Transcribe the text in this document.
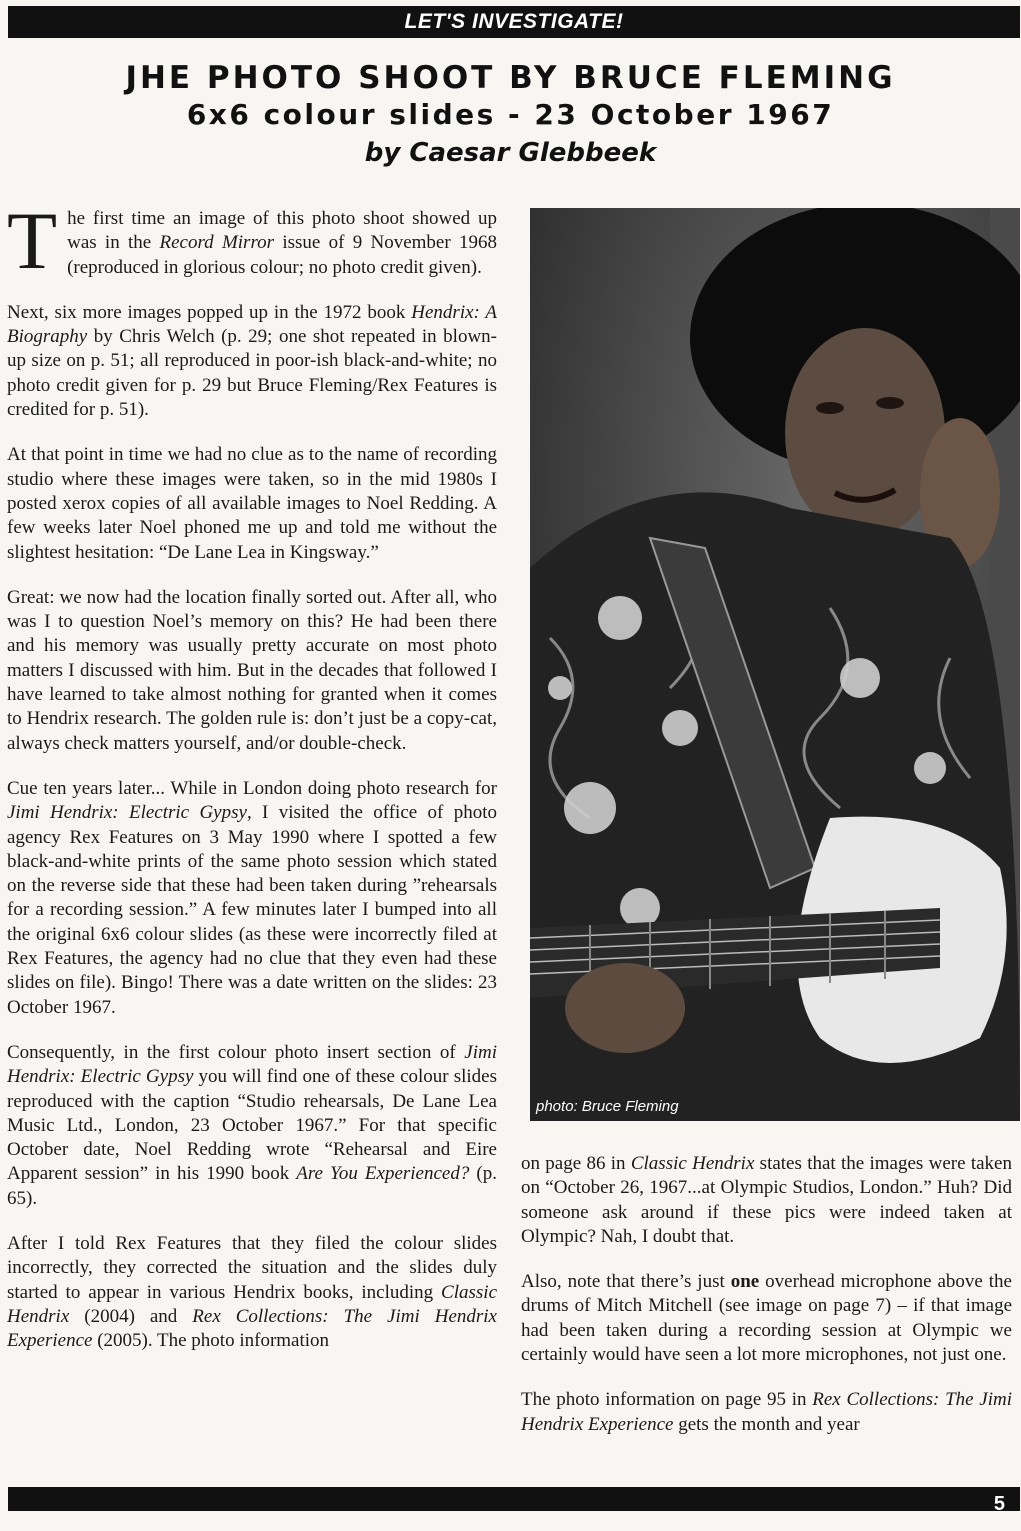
LET'S INVESTIGATE!
JHE PHOTO SHOOT BY BRUCE FLEMING
6x6 colour slides - 23 October 1967
by Caesar Glebbeek

The first time an image of this photo shoot showed up was in the Record Mirror issue of 9 November 1968 (reproduced in glorious colour; no photo credit given).

Next, six more images popped up in the 1972 book Hendrix: A Biography by Chris Welch (p. 29; one shot repeated in blown-up size on p. 51; all reproduced in poor-ish black-and-white; no photo credit given for p. 29 but Bruce Fleming/Rex Features is credited for p. 51).

At that point in time we had no clue as to the name of recording studio where these images were taken, so in the mid 1980s I posted xerox copies of all available images to Noel Redding. A few weeks later Noel phoned me up and told me without the slightest hesitation: “De Lane Lea in Kingsway.”

Great: we now had the location finally sorted out. After all, who was I to question Noel’s memory on this? He had been there and his memory was usually pretty accurate on most photo matters I discussed with him. But in the decades that followed I have learned to take almost nothing for granted when it comes to Hendrix research. The golden rule is: don’t just be a copy-cat, always check matters yourself, and/or double-check.

Cue ten years later... While in London doing photo research for Jimi Hendrix: Electric Gypsy, I visited the office of photo agency Rex Features on 3 May 1990 where I spotted a few black-and-white prints of the same photo session which stated on the reverse side that these had been taken during ”rehearsals for a recording session.” A few minutes later I bumped into all the original 6x6 colour slides (as these were incorrectly filed at Rex Features, the agency had no clue that they even had these slides on file). Bingo! There was a date written on the slides: 23 October 1967.

Consequently, in the first colour photo insert section of Jimi Hendrix: Electric Gypsy you will find one of these colour slides reproduced with the caption “Studio rehearsals, De Lane Lea Music Ltd., London, 23 October 1967.” For that specific October date, Noel Redding wrote “Rehearsal and Eire Apparent session” in his 1990 book Are You Experienced? (p. 65).

After I told Rex Features that they filed the colour slides incorrectly, they corrected the situation and the slides duly started to appear in various Hendrix books, including Classic Hendrix (2004) and Rex Collections: The Jimi Hendrix Experience (2005). The photo information

photo: Bruce Fleming

on page 86 in Classic Hendrix states that the images were taken on “October 26, 1967...at Olympic Studios, London.” Huh? Did someone ask around if these pics were indeed taken at Olympic? Nah, I doubt that.

Also, note that there’s just one overhead microphone above the drums of Mitch Mitchell (see image on page 7) – if that image had been taken during a recording session at Olympic we certainly would have seen a lot more microphones, not just one.

The photo information on page 95 in Rex Collections: The Jimi Hendrix Experience gets the month and year

5
